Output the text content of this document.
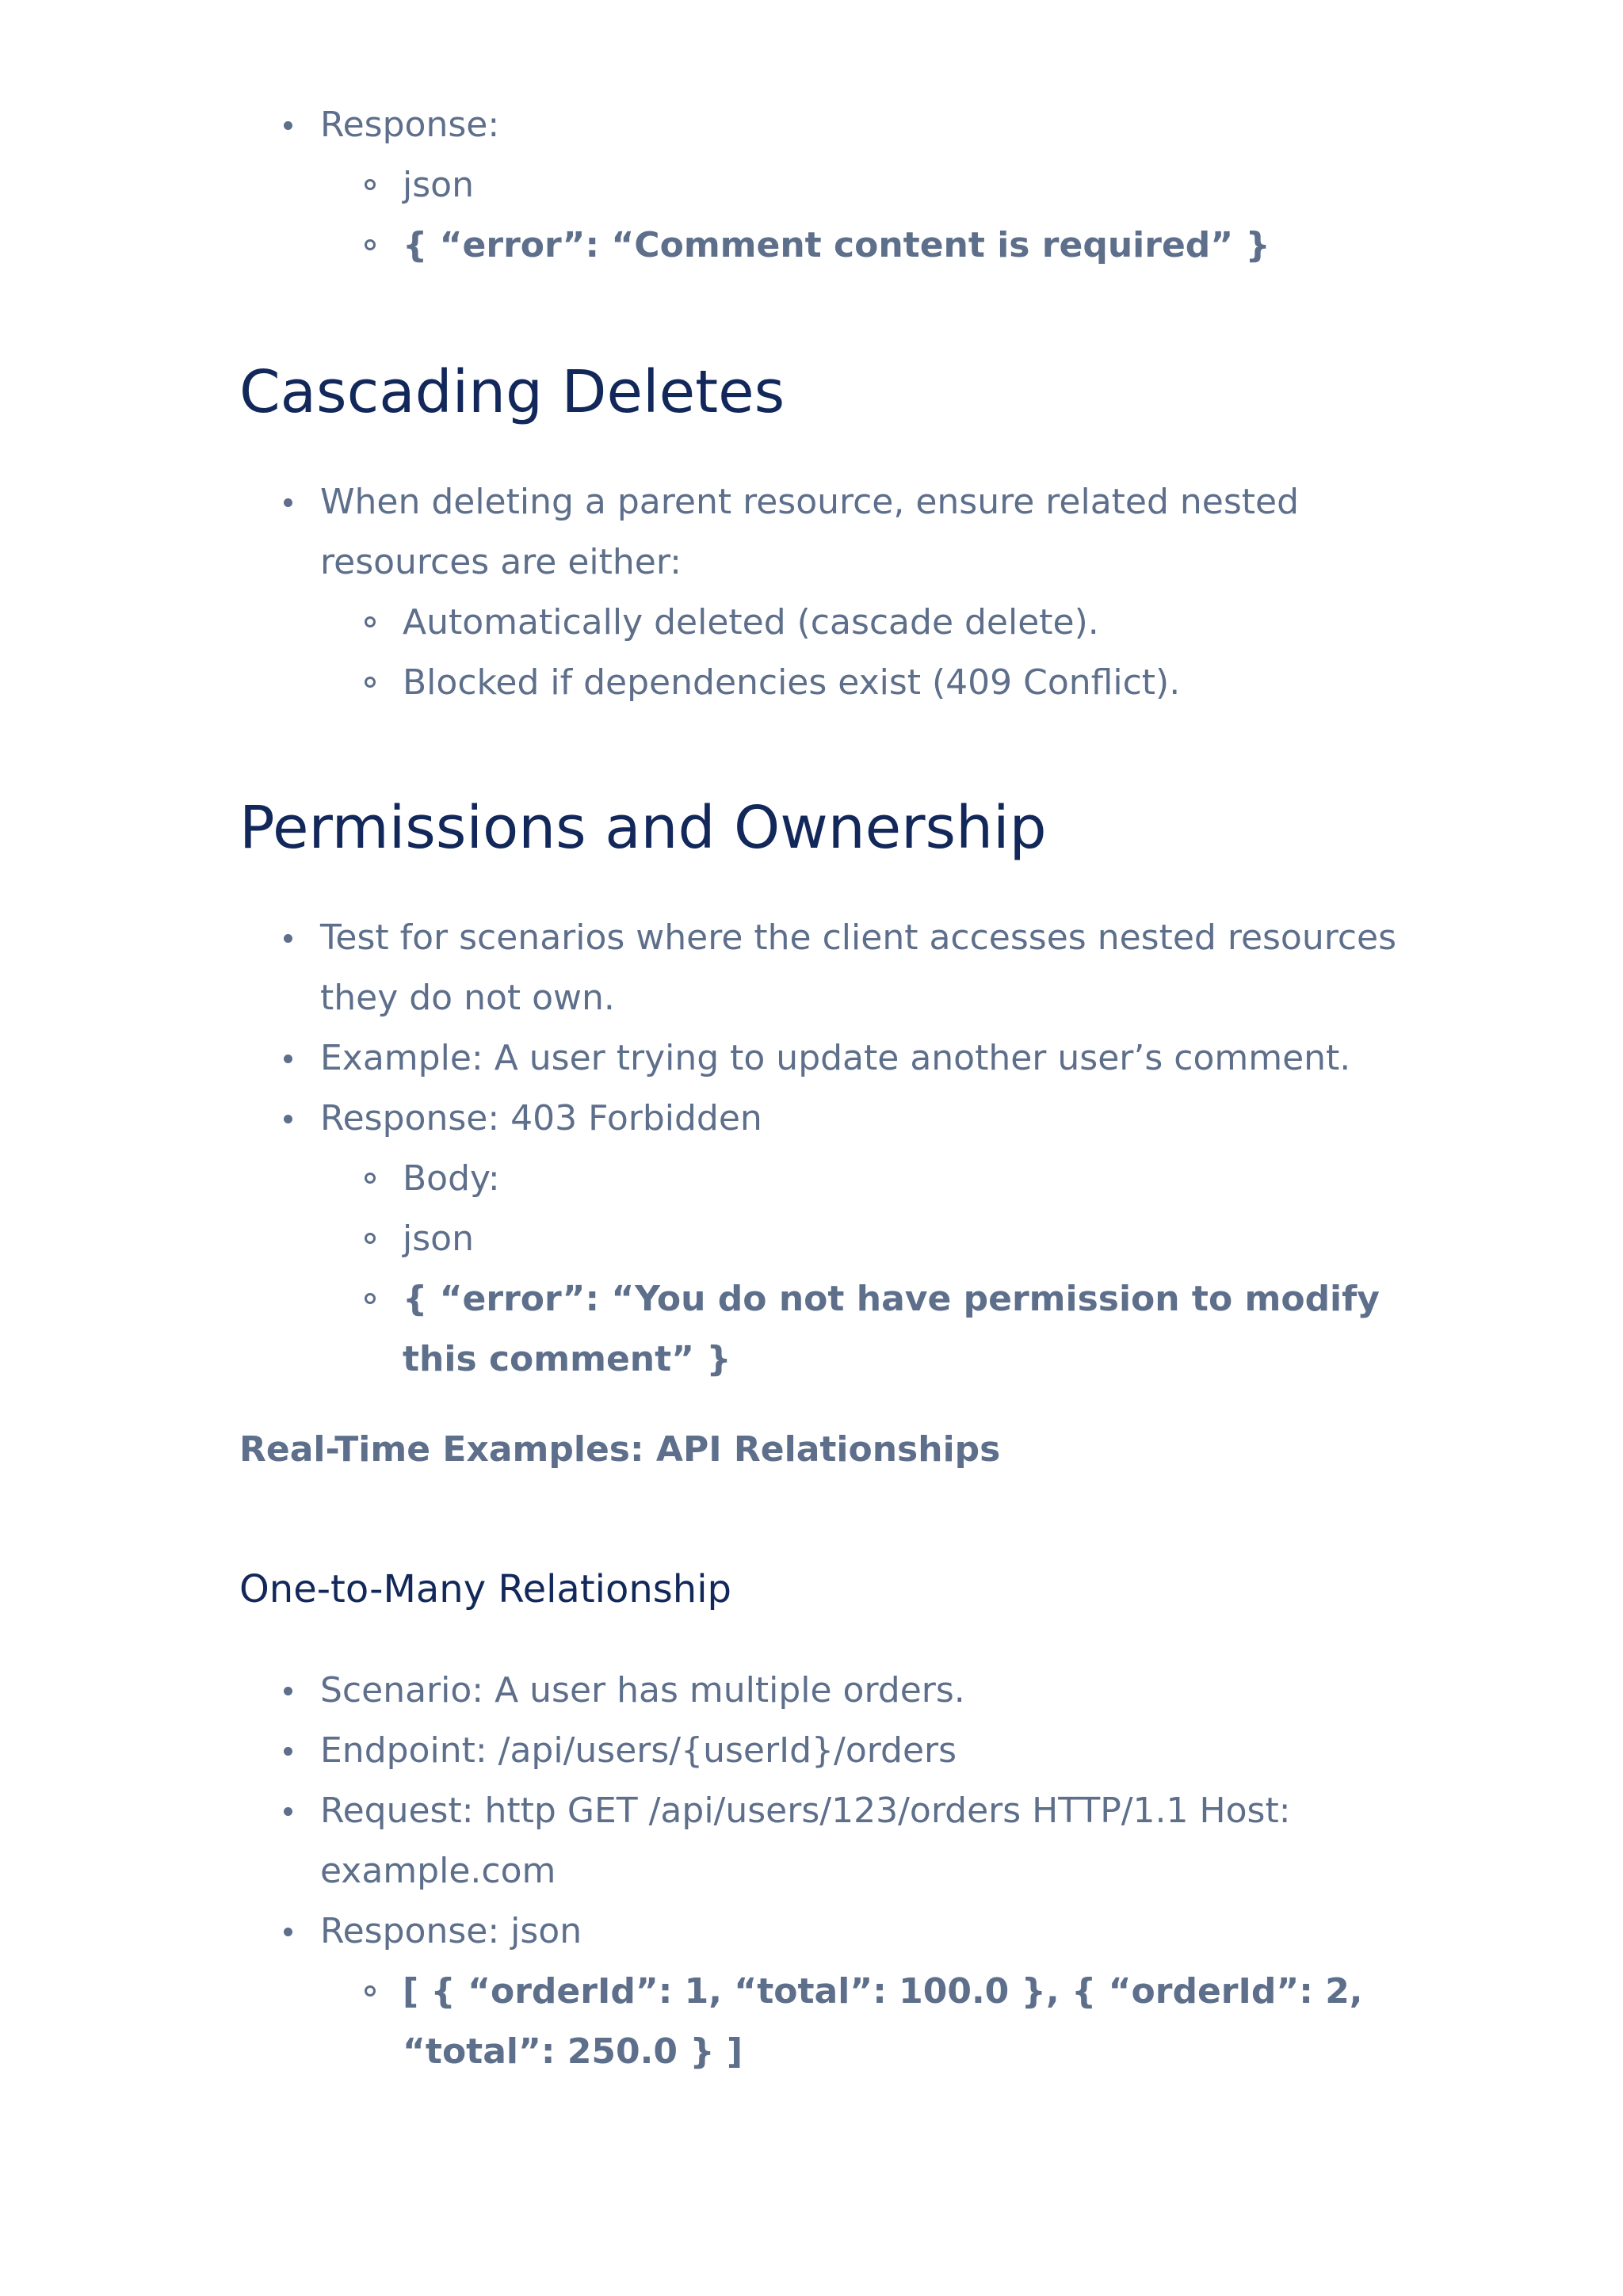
Response:
json
{ “error”: “Comment content is required” }
Cascading Deletes
When deleting a parent resource, ensure related nested resources are either:
Automatically deleted (cascade delete).
Blocked if dependencies exist (409 Conflict).
Permissions and Ownership
Test for scenarios where the client accesses nested resources they do not own.
Example: A user trying to update another user’s comment.
Response: 403 Forbidden
Body:
json
{ “error”: “You do not have permission to modify this comment” }
Real-Time Examples: API Relationships
One-to-Many Relationship
Scenario: A user has multiple orders.
Endpoint: /api/users/{userId}/orders
Request: http GET /api/users/123/orders HTTP/1.1 Host: example.com
Response: json
[ { “orderId”: 1, “total”: 100.0 }, { “orderId”: 2, “total”: 250.0 } ]
